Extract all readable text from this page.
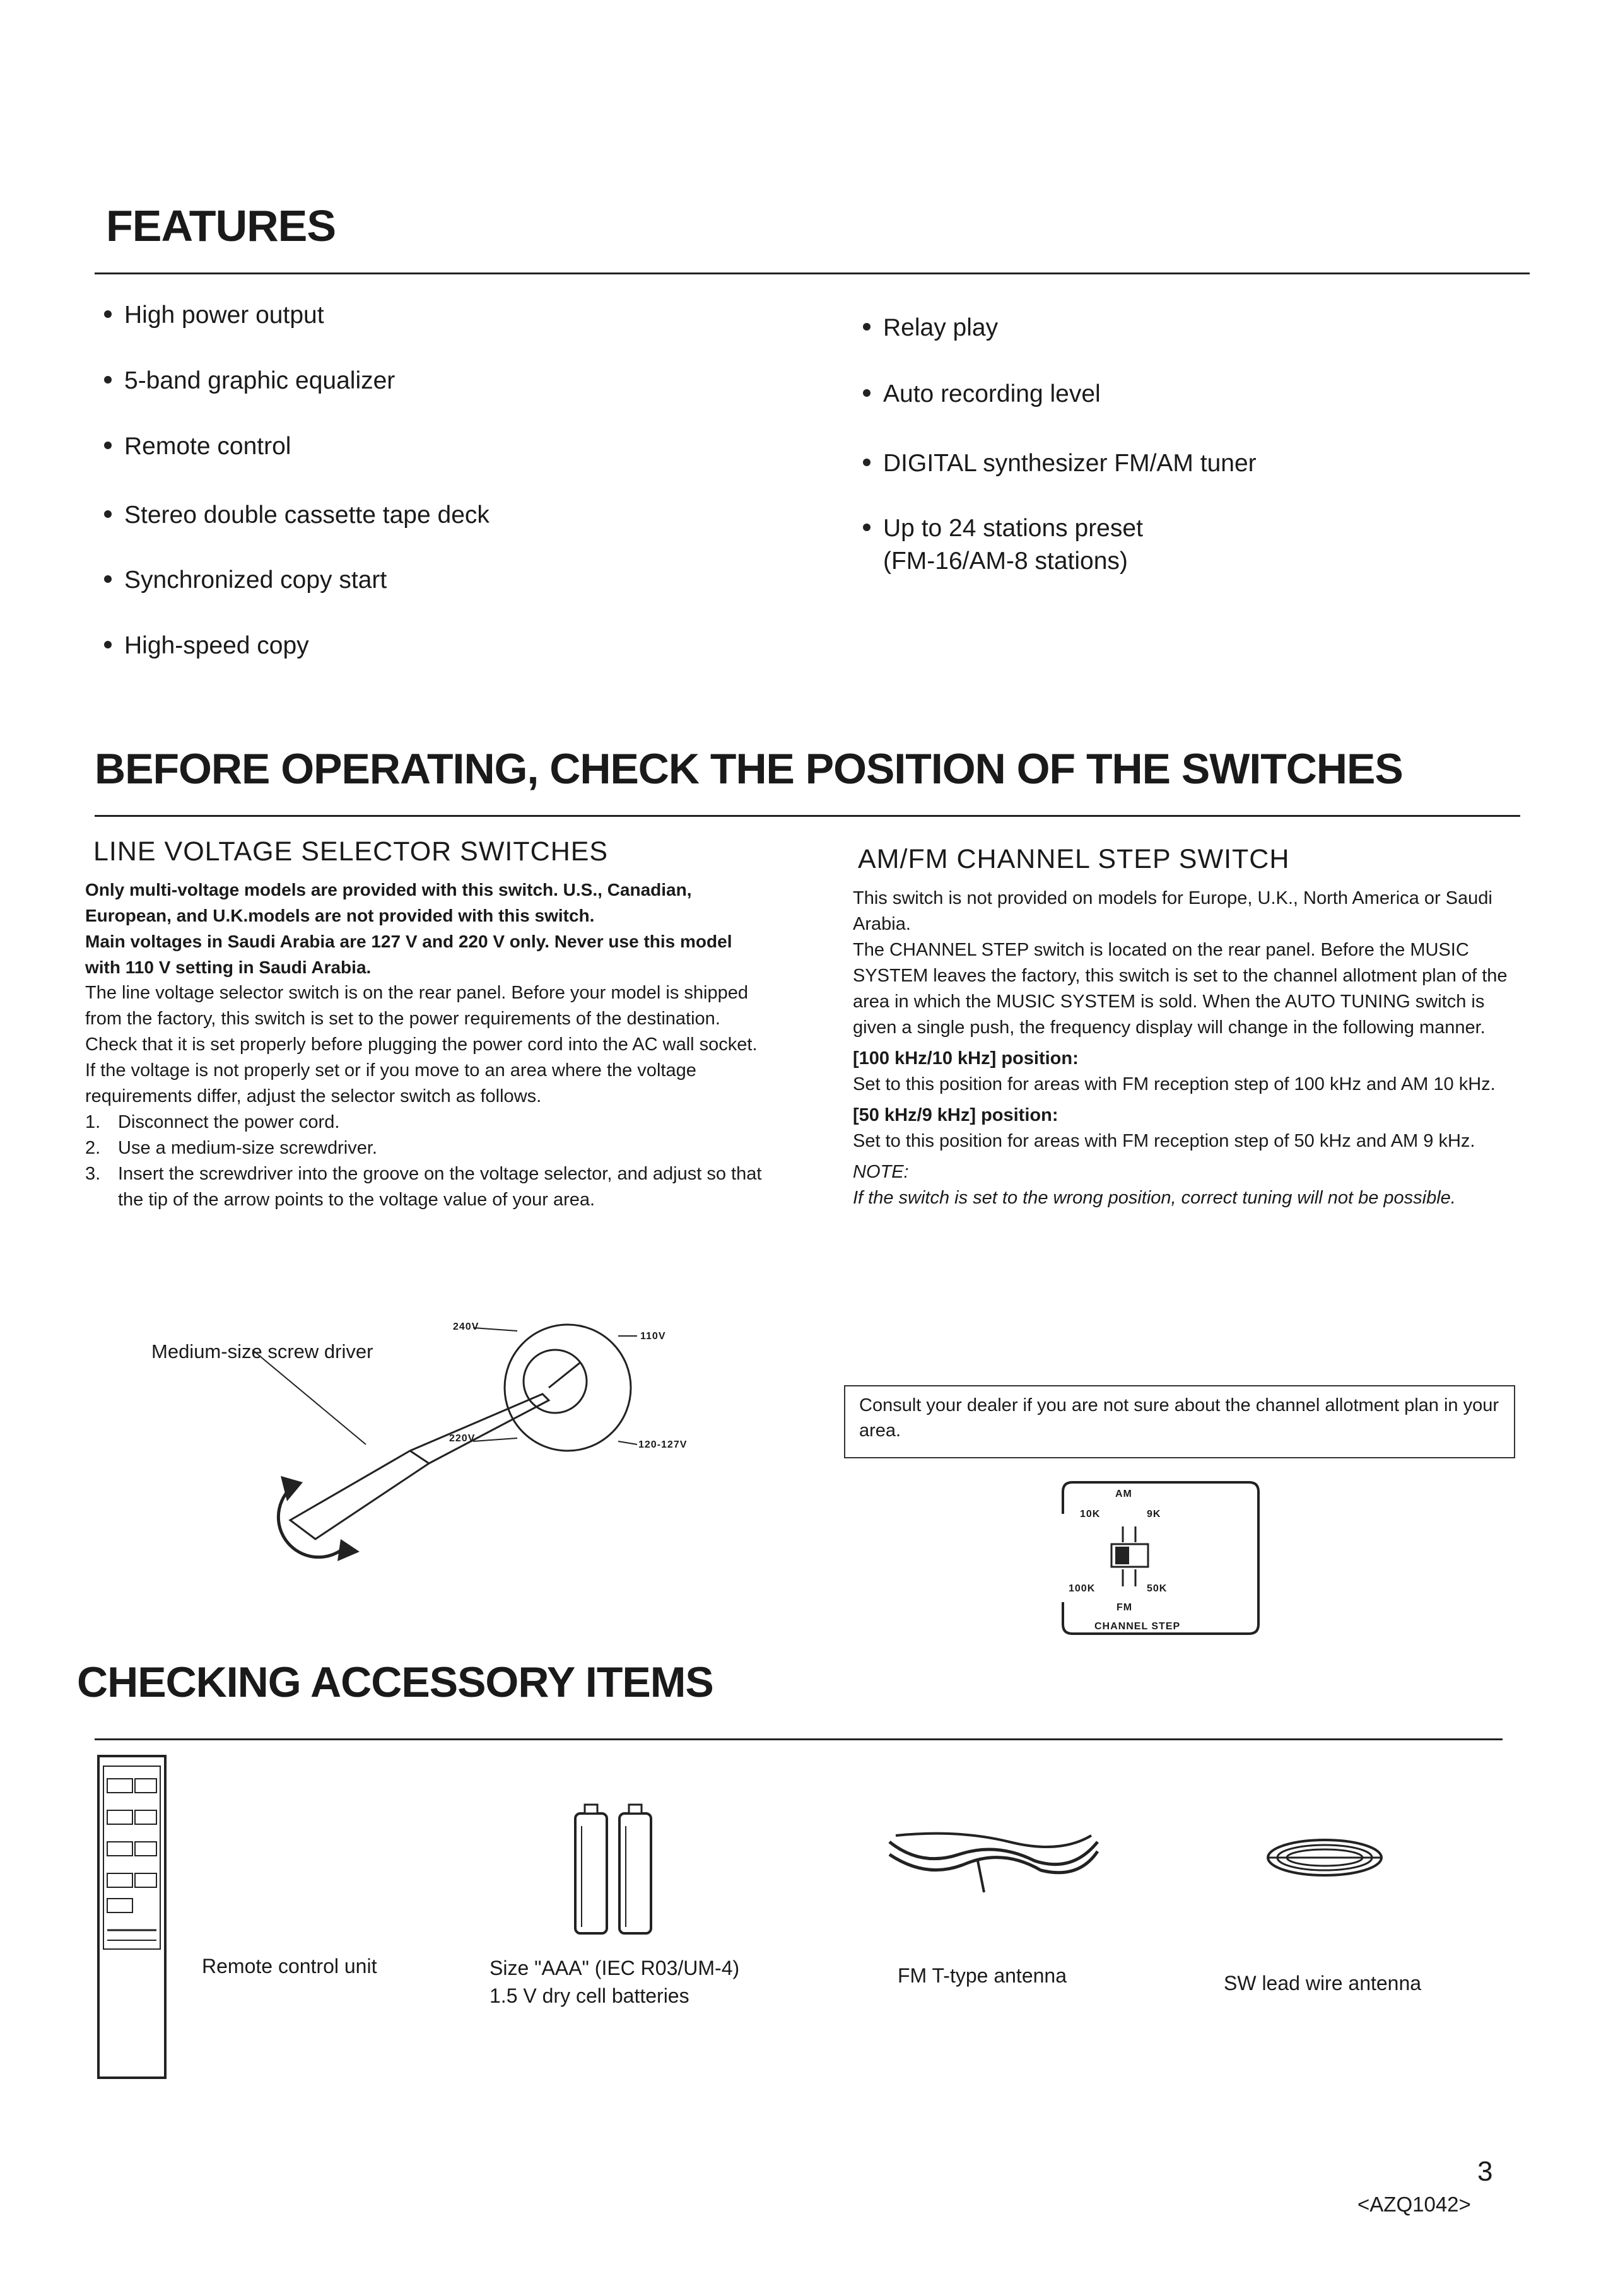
FEATURES
High power output
5-band graphic equalizer
Remote control
Stereo double cassette tape deck
Synchronized copy start
High-speed copy
Relay play
Auto recording level
DIGITAL synthesizer FM/AM tuner
Up to 24 stations preset
(FM-16/AM-8 stations)
BEFORE OPERATING, CHECK THE POSITION OF THE SWITCHES
LINE VOLTAGE SELECTOR SWITCHES

Only multi-voltage models are provided with this switch. U.S., Canadian, European, and U.K.models are not provided with this switch.

Main voltages in Saudi Arabia are 127 V and 220 V only. Never use this model with 110 V setting in Saudi Arabia.

The line voltage selector switch is on the rear panel. Before your model is shipped from the factory, this switch is set to the power requirements of the destination. Check that it is set properly before plugging the power cord into the AC wall socket. If the voltage is not properly set or if you move to an area where the voltage requirements differ, adjust the selector switch as follows.

1. Disconnect the power cord.
2. Use a medium-size screwdriver.
3. Insert the screwdriver into the groove on the voltage selector, and adjust so that the tip of the arrow points to the voltage value of your area.
Medium-size screw driver
240V
110V
220V
120-127V
AM/FM CHANNEL STEP SWITCH

This switch is not provided on models for Europe, U.K., North America or Saudi Arabia.

The CHANNEL STEP switch is located on the rear panel. Before the MUSIC SYSTEM leaves the factory, this switch is set to the channel allotment plan of the area in which the MUSIC SYSTEM is sold. When the AUTO TUNING switch is given a single push, the frequency display will change in the following manner.

[100 kHz/10 kHz] position:

Set to this position for areas with FM reception step of 100 kHz and AM 10 kHz.

[50 kHz/9 kHz] position:

Set to this position for areas with FM reception step of 50 kHz and AM 9 kHz.

NOTE:

If the switch is set to the wrong position, correct tuning will not be possible.

Consult your dealer if you are not sure about the channel allotment plan in your area.
AM
10K	9K
100K	50K
FM
CHANNEL STEP
CHECKING ACCESSORY ITEMS
Remote control unit	Size "AAA" (IEC R03/UM-4)
1.5 V dry cell batteries
FM T-type antenna	SW lead wire antenna
3
<AZQ1042>
